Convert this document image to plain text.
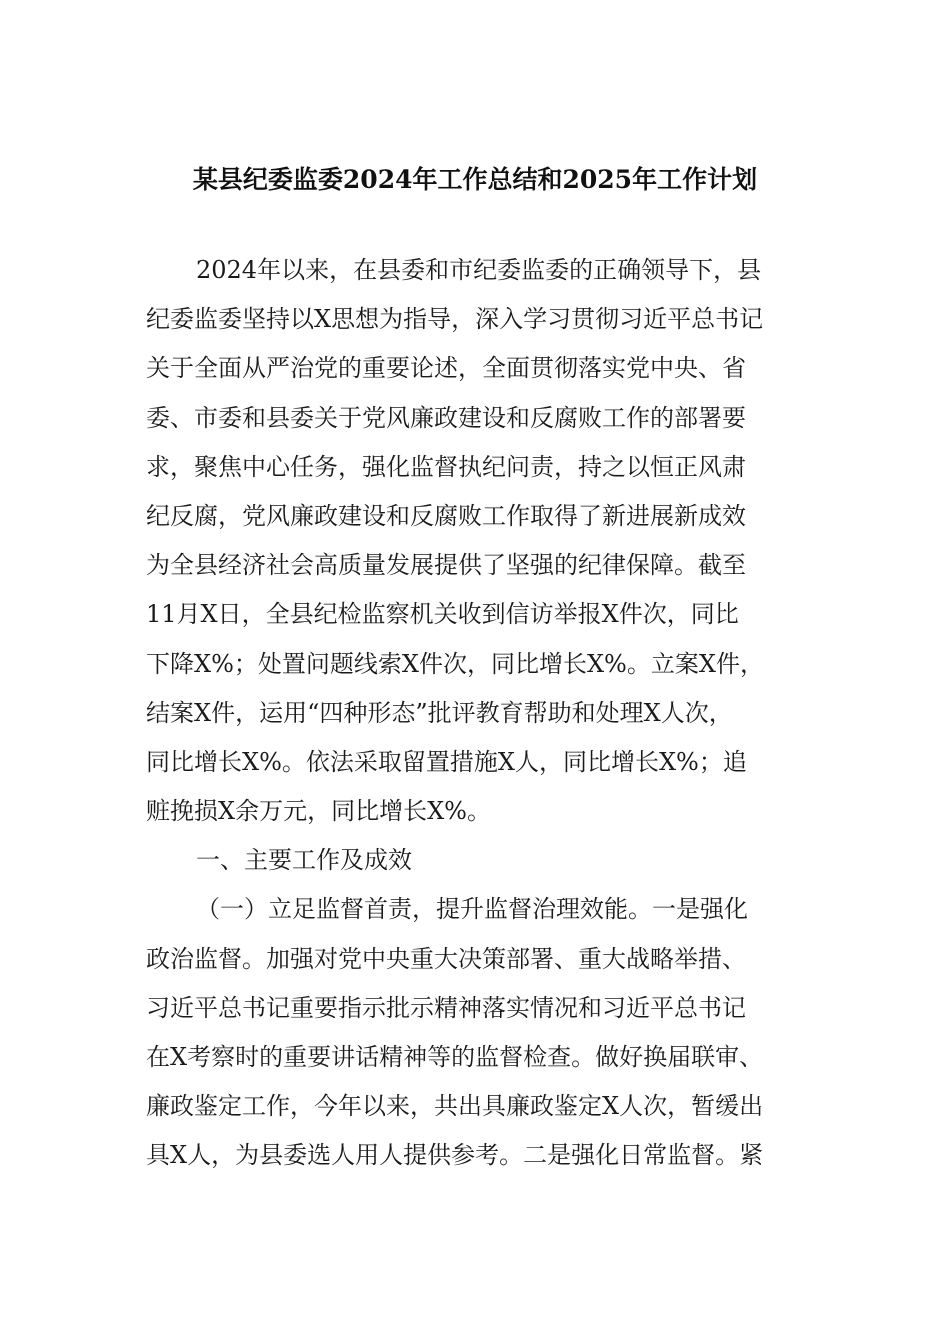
某县纪委监委2024年工作总结和2025年工作计划
2024年以来，在县委和市纪委监委的正确领导下，县
纪委监委坚持以X思想为指导，深入学习贯彻习近平总书记
关于全面从严治党的重要论述，全面贯彻落实党中央、省
委、市委和县委关于党风廉政建设和反腐败工作的部署要
求，聚焦中心任务，强化监督执纪问责，持之以恒正风肃
纪反腐，党风廉政建设和反腐败工作取得了新进展新成效
为全县经济社会高质量发展提供了坚强的纪律保障。截至
11月X日，全县纪检监察机关收到信访举报X件次，同比
下降X%；处置问题线索X件次，同比增长X%。立案X件，
结案X件，运用“四种形态”批评教育帮助和处理X人次，
同比增长X%。依法采取留置措施X人，同比增长X%；追
赃挽损X余万元，同比增长X%。
一、主要工作及成效
（一）立足监督首责，提升监督治理效能。一是强化
政治监督。加强对党中央重大决策部署、重大战略举措、
习近平总书记重要指示批示精神落实情况和习近平总书记
在X考察时的重要讲话精神等的监督检查。做好换届联审、
廉政鉴定工作，今年以来，共出具廉政鉴定X人次，暂缓出
具X人，为县委选人用人提供参考。二是强化日常监督。紧
